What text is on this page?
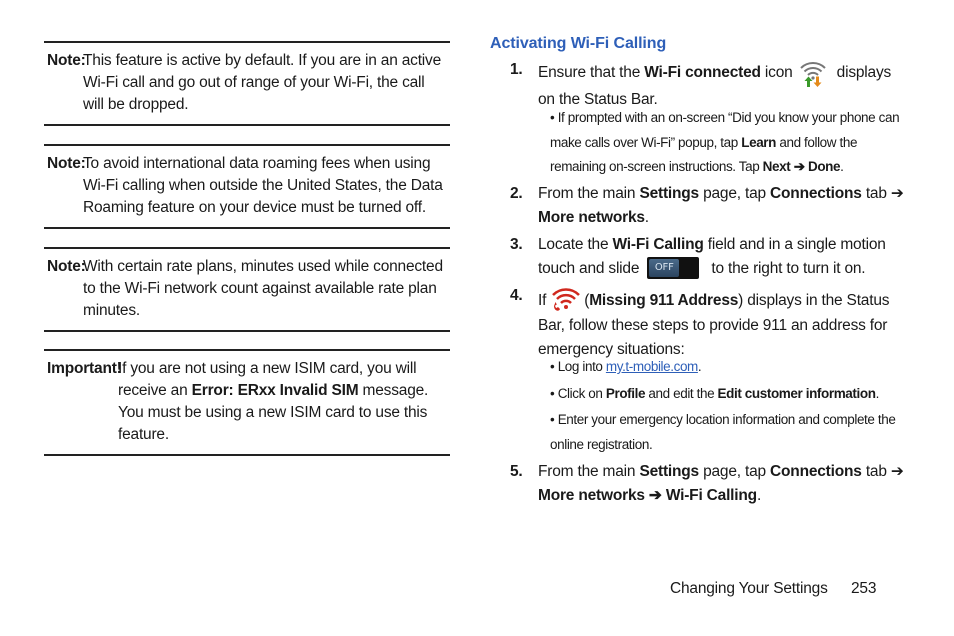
Note:
This feature is active by default. If you are in an active Wi-Fi call and go out of range of your Wi-Fi, the call will be dropped.
Note:
To avoid international data roaming fees when using Wi-Fi calling when outside the United States, the Data Roaming feature on your device must be turned off.
Note:
With certain rate plans, minutes used while connected to the Wi-Fi network count against available rate plan minutes.
Important!
If you are not using a new ISIM card, you will receive an Error: ERxx Invalid SIM message. You must be using a new ISIM card to use this feature.
Activating Wi-Fi Calling
1. Ensure that the Wi-Fi connected icon	displays on the Status Bar.
• If prompted with an on-screen “Did you know your phone can make calls over Wi-Fi” popup, tap Learn and follow the remaining on-screen instructions. Tap Next ➔ Done.
2. From the main Settings page, tap Connections tab ➔ More networks.
3. Locate the Wi-Fi Calling field and in a single motion touch and slide	OFF	to the right to turn it on.
4. If (Missing 911 Address) displays in the Status Bar, follow these steps to provide 911 an address for emergency situations:
• Log into my.t-mobile.com.
• Click on Profile and edit the Edit customer information.
• Enter your emergency location information and complete the online registration.
5. From the main Settings page, tap Connections tab ➔ More networks ➔ Wi-Fi Calling.
Changing Your Settings 253
